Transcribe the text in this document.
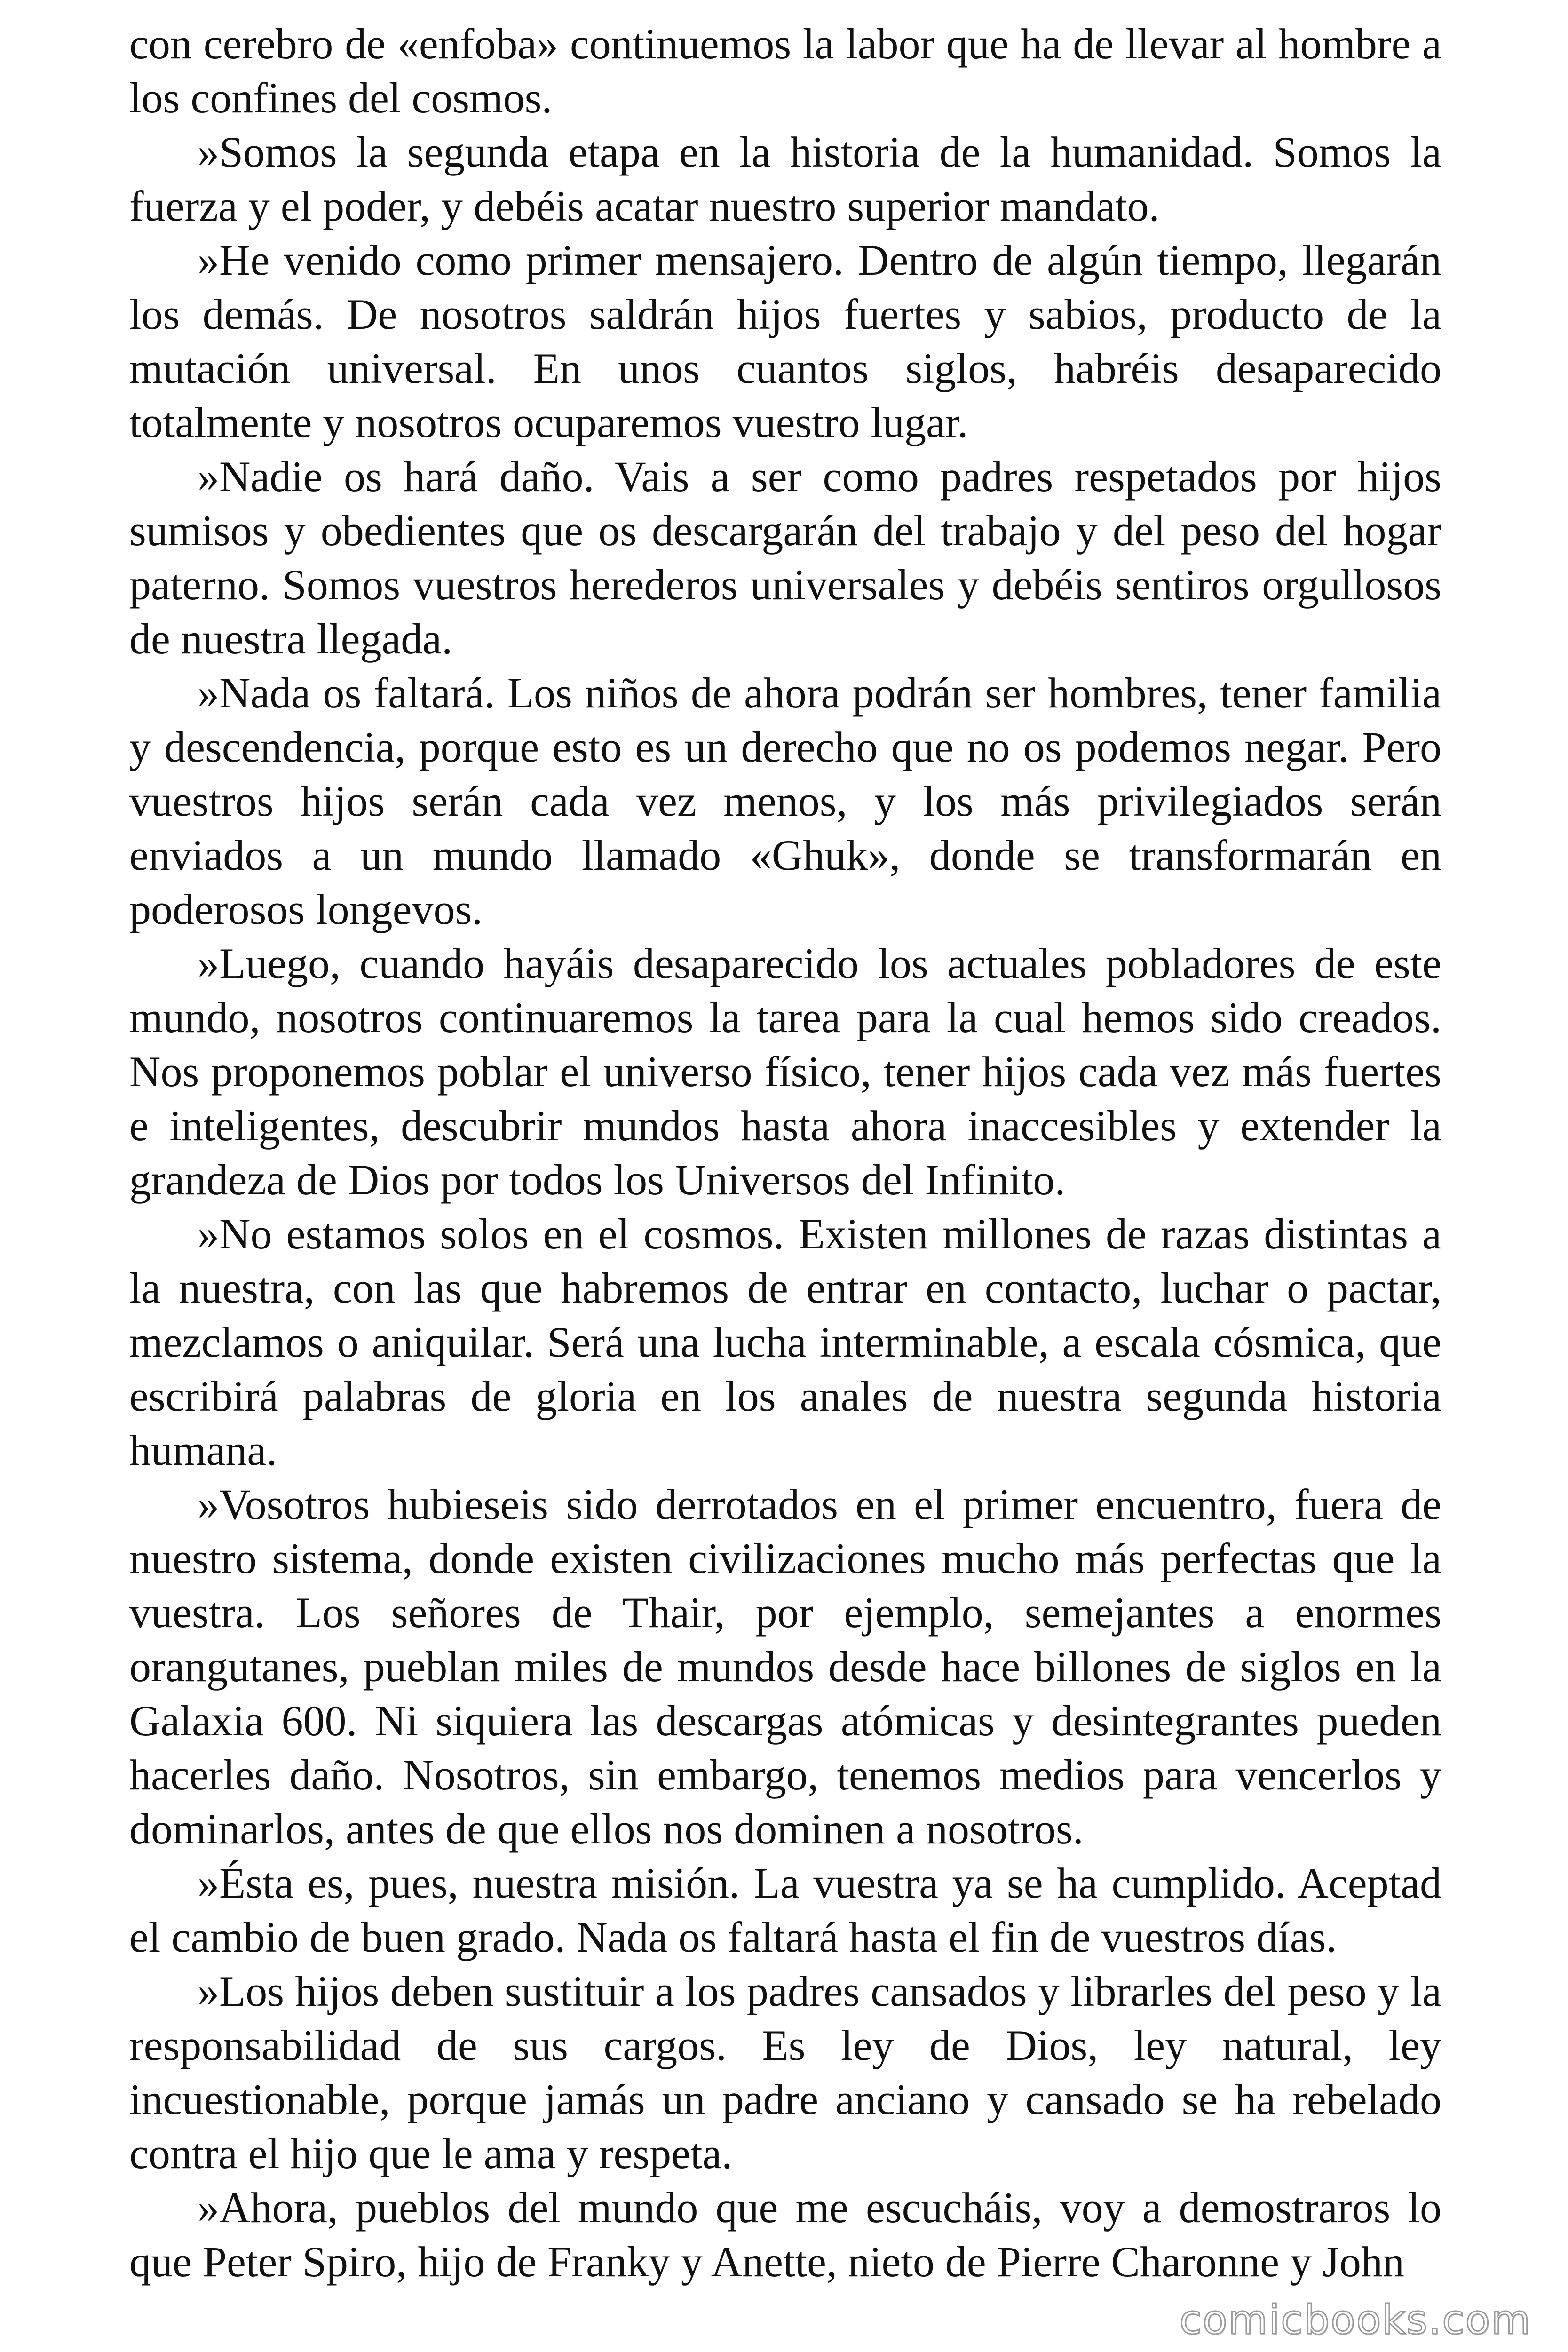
con cerebro de «enfoba» continuemos la labor que ha de llevar al hombre a los confines del cosmos.

»Somos la segunda etapa en la historia de la humanidad. Somos la fuerza y el poder, y debéis acatar nuestro superior mandato.

»He venido como primer mensajero. Dentro de algún tiempo, llegarán los demás. De nosotros saldrán hijos fuertes y sabios, producto de la mutación universal. En unos cuantos siglos, habréis desaparecido totalmente y nosotros ocuparemos vuestro lugar.

»Nadie os hará daño. Vais a ser como padres respetados por hijos sumisos y obedientes que os descargarán del trabajo y del peso del hogar paterno. Somos vuestros herederos universales y debéis sentiros orgullosos de nuestra llegada.

»Nada os faltará. Los niños de ahora podrán ser hombres, tener familia y descendencia, porque esto es un derecho que no os podemos negar. Pero vuestros hijos serán cada vez menos, y los más privilegiados serán enviados a un mundo llamado «Ghuk», donde se transformarán en poderosos longevos.

»Luego, cuando hayáis desaparecido los actuales pobladores de este mundo, nosotros continuaremos la tarea para la cual hemos sido creados. Nos proponemos poblar el universo físico, tener hijos cada vez más fuertes e inteligentes, descubrir mundos hasta ahora inaccesibles y extender la grandeza de Dios por todos los Universos del Infinito.

»No estamos solos en el cosmos. Existen millones de razas distintas a la nuestra, con las que habremos de entrar en contacto, luchar o pactar, mezclamos o aniquilar. Será una lucha interminable, a escala cósmica, que escribirá palabras de gloria en los anales de nuestra segunda historia humana.

»Vosotros hubieseis sido derrotados en el primer encuentro, fuera de nuestro sistema, donde existen civilizaciones mucho más perfectas que la vuestra. Los señores de Thair, por ejemplo, semejantes a enormes orangutanes, pueblan miles de mundos desde hace billones de siglos en la Galaxia 600. Ni siquiera las descargas atómicas y desintegrantes pueden hacerles daño. Nosotros, sin embargo, tenemos medios para vencerlos y dominarlos, antes de que ellos nos dominen a nosotros.

»Ésta es, pues, nuestra misión. La vuestra ya se ha cumplido. Aceptad el cambio de buen grado. Nada os faltará hasta el fin de vuestros días.

»Los hijos deben sustituir a los padres cansados y librarles del peso y la responsabilidad de sus cargos. Es ley de Dios, ley natural, ley incuestionable, porque jamás un padre anciano y cansado se ha rebelado contra el hijo que le ama y respeta.

»Ahora, pueblos del mundo que me escucháis, voy a demostraros lo que Peter Spiro, hijo de Franky y Anette, nieto de Pierre Charonne y John

comicbooks.com
